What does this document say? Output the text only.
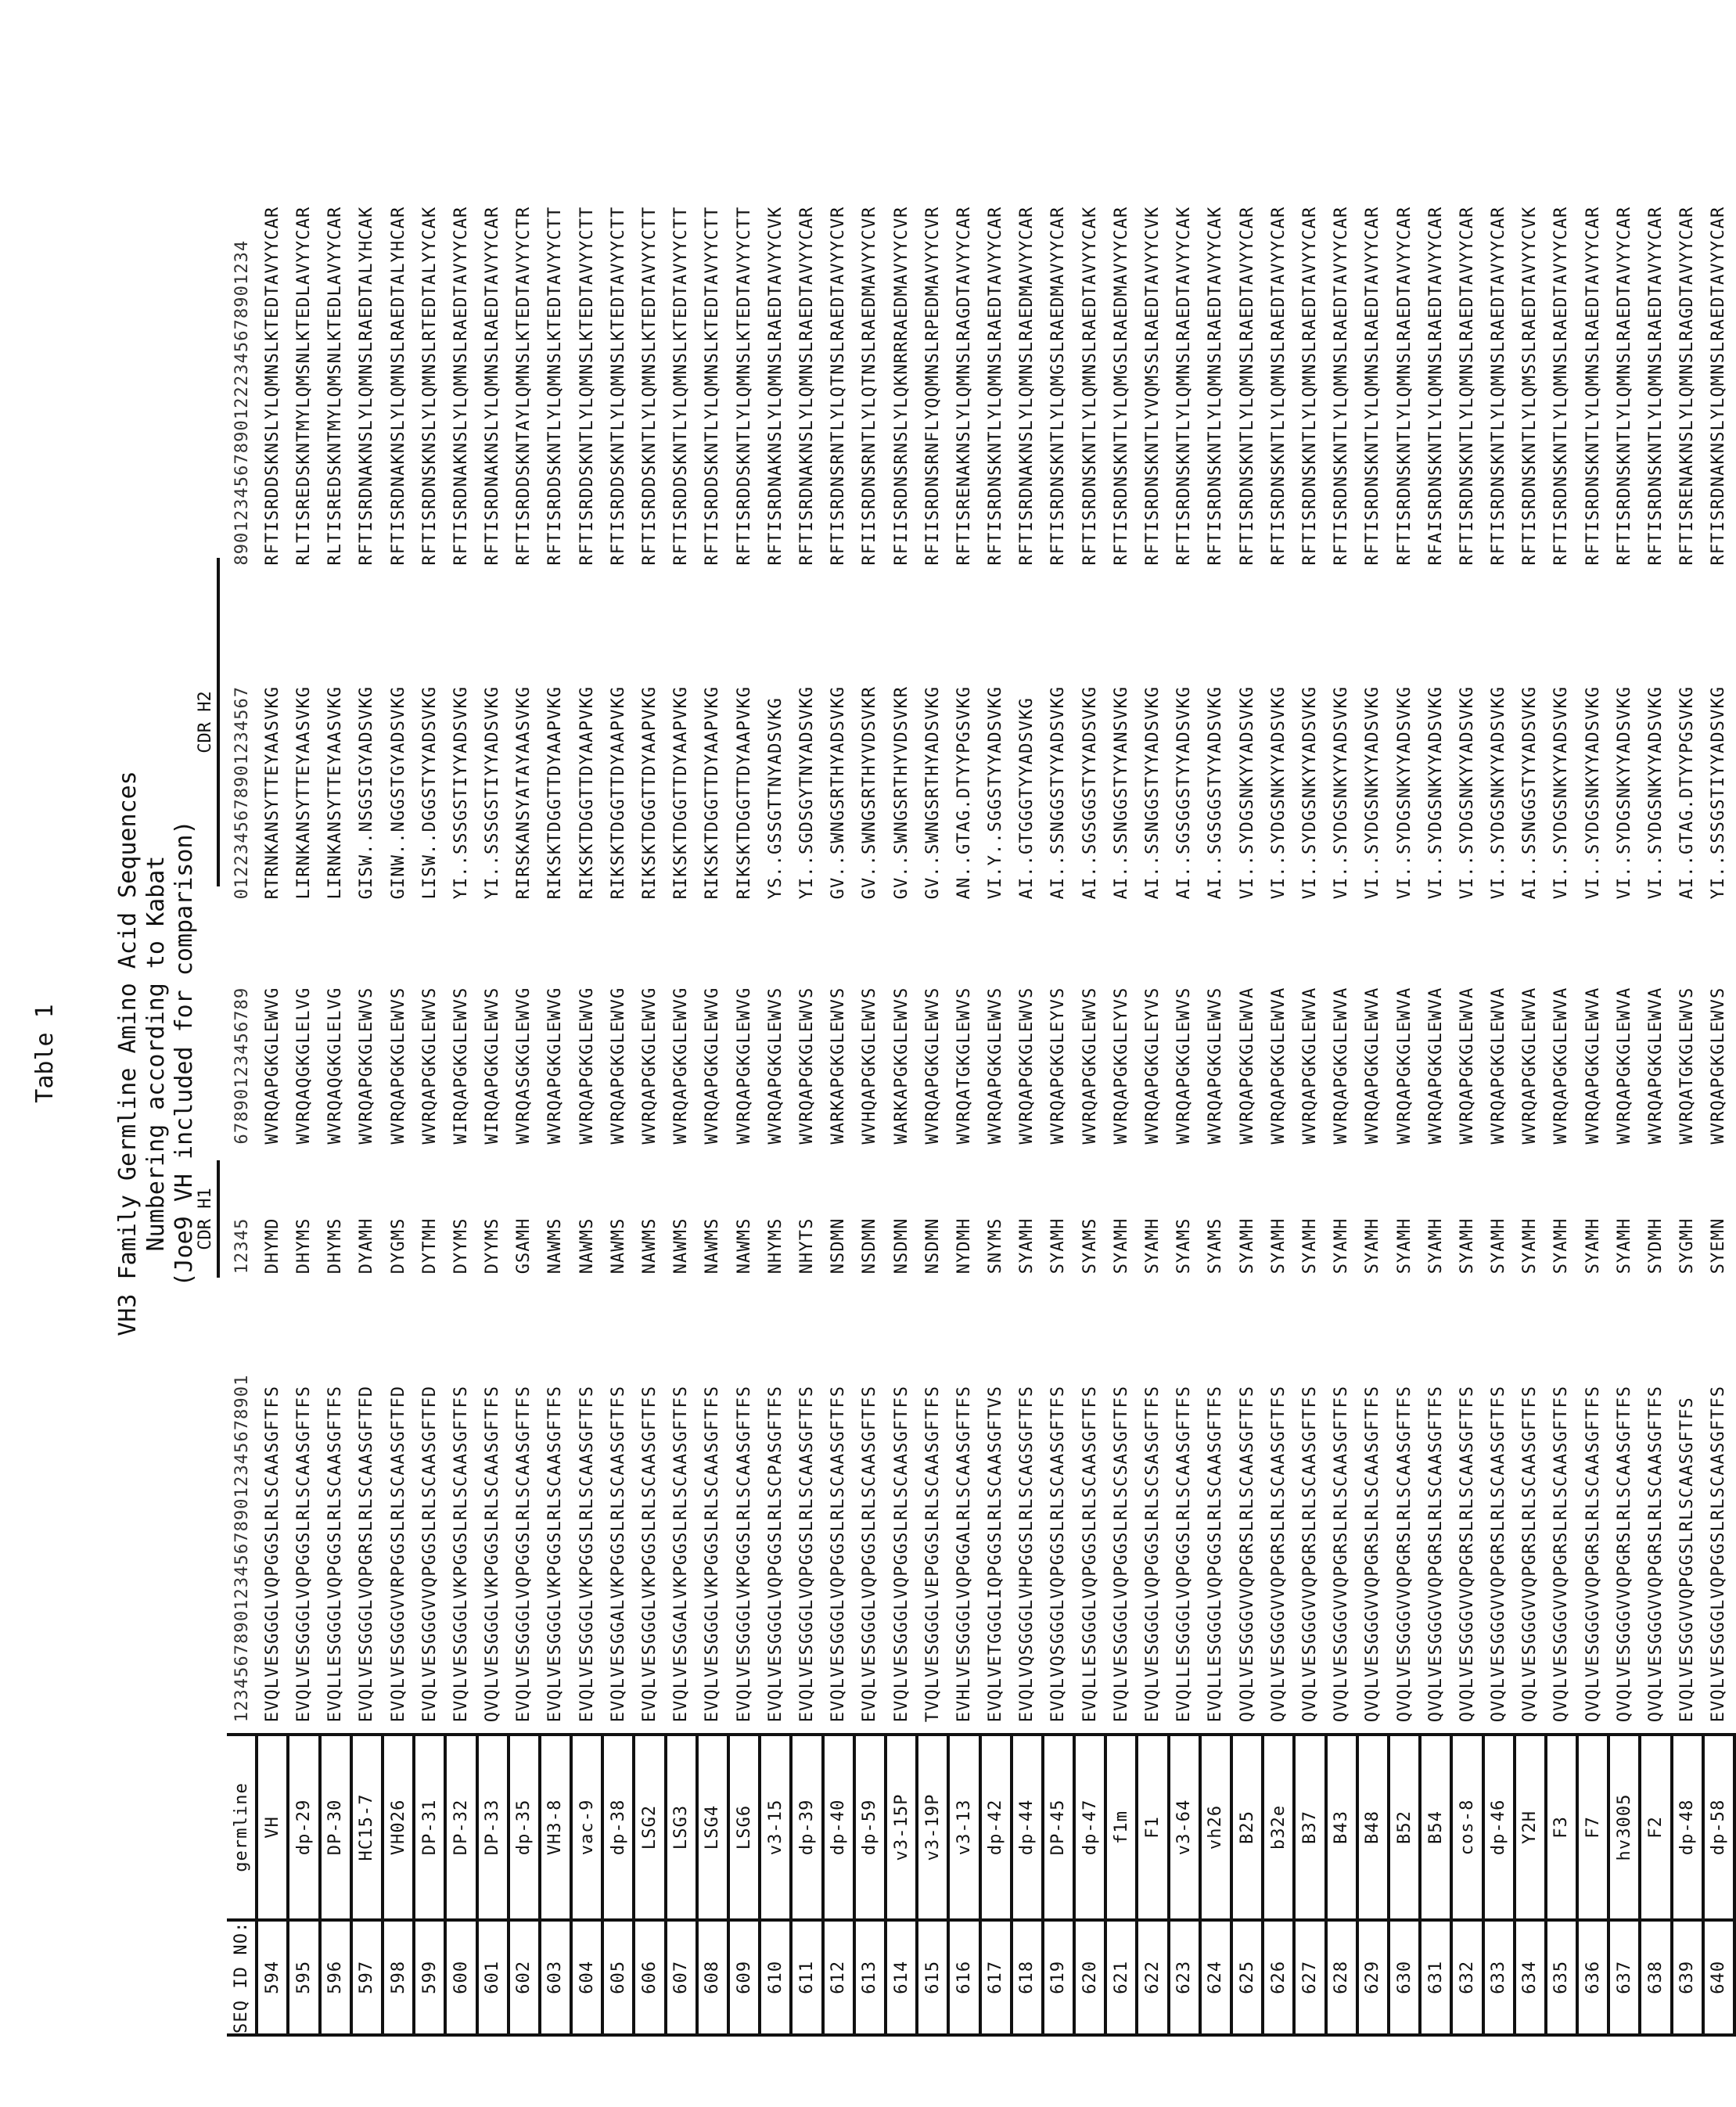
Table 1 VH3 Family Germline Amino Acid Sequences Numbering according to Kabat (Joe9 VH included for comparison)
CDR H1
CDR H2
SEQ ID NO:	germline	1234567890123456789012345678901	12345	67890123456789	0122345678901234567	89012345678901222345678901234
594	VH	EVQLVESGGGLVQPGGSLRLSCAASGFTFS	DHYMD	WVRQAPGKGLEWVG	RTRNKANSYTTEYAASVKG	RFTISRDDSKNSLYLQMNSLKTEDTAVYYCAR
595	dp-29	EVQLVESGGGLVQPGGSLRLSCAASGFTFS	DHYMS	WVRQAQGKGLELVG	LIRNKANSYTTEYAASVKG	RLTISREDSKNTMYLQMSNLKTEDLAVYYCAR
596	DP-30	EVQLLESGGGLVQPGGSLRLSCAASGFTFS	DHYMS	WVRQAQGKGLELVG	LIRNKANSYTTEYAASVKG	RLTISREDSKNTMYLQMSNLKTEDLAVYYCAR
597	HC15-7	EVQLVESGGGLVQPGRSLRLSCAASGFTFD	DYAMH	WVRQAPGKGLEWVS	GISW..NSGSIGYADSVKG	RFTISRDNAKNSLYLQMNSLRAEDTALYHCAK
598	VH026	EVQLVESGGGVVRPGGSLRLSCAASGFTFD	DYGMS	WVRQAPGKGLEWVS	GINW..NGGSTGYADSVKG	RFTISRDNAKNSLYLQMNSLRAEDTALYHCAR
599	DP-31	EVQLVESGGGVVQPGGSLRLSCAASGFTFD	DYTMH	WVRQAPGKGLEWVS	LISW..DGGSTYYADSVKG	RFTISRDNSKNSLYLQMNSLRTEDTALYYCAK
600	DP-32	EVQLVESGGGLVKPGGSLRLSCAASGFTFS	DYYMS	WIRQAPGKGLEWVS	YI..SSSGSTIYYADSVKG	RFTISRDNAKNSLYLQMNSLRAEDTAVYYCAR
601	DP-33	QVQLVESGGGLVKPGGSLRLSCAASGFTFS	DYYMS	WIRQAPGKGLEWVS	YI..SSSGSTIYYADSVKG	RFTISRDNAKNSLYLQMNSLRAEDTAVYYCAR
602	dp-35	EVQLVESGGGLVQPGGSLRLSCAASGFTFS	GSAMH	WVRQASGKGLEWVG	RIRSKANSYATAYAASVKG	RFTISRDDSKNTAYLQMNSLKTEDTAVYYCTR
603	VH3-8	EVQLVESGGGLVKPGGSLRLSCAASGFTFS	NAWMS	WVRQAPGKGLEWVG	RIKSKTDGGTTDYAAPVKG	RFTISRDDSKNTLYLQMNSLKTEDTAVYYCTT
604	vac-9	EVQLVESGGGLVKPGGSLRLSCAASGFTFS	NAWMS	WVRQAPGKGLEWVG	RIKSKTDGGTTDYAAPVKG	RFTISRDDSKNTLYLQMNSLKTEDTAVYYCTT
605	dp-38	EVQLVESGGALVKPGGSLRLSCAASGFTFS	NAWMS	WVRQAPGKGLEWVG	RIKSKTDGGTTDYAAPVKG	RFTISRDDSKNTLYLQMNSLKTEDTAVYYCTT
606	LSG2	EVQLVESGGGLVKPGGSLRLSCAASGFTFS	NAWMS	WVRQAPGKGLEWVG	RIKSKTDGGTTDYAAPVKG	RFTISRDDSKNTLYLQMNSLKTEDTAVYYCTT
607	LSG3	EVQLVESGGALVKPGGSLRLSCAASGFTFS	NAWMS	WVRQAPGKGLEWVG	RIKSKTDGGTTDYAAPVKG	RFTISRDDSKNTLYLQMNSLKTEDTAVYYCTT
608	LSG4	EVQLVESGGGLVKPGGSLRLSCAASGFTFS	NAWMS	WVRQAPGKGLEWVG	RIKSKTDGGTTDYAAPVKG	RFTISRDDSKNTLYLQMNSLKTEDTAVYYCTT
609	LSG6	EVQLVESGGGLVKPGGSLRLSCAASGFTFS	NAWMS	WVRQAPGKGLEWVG	RIKSKTDGGTTDYAAPVKG	RFTISRDDSKNTLYLQMNSLKTEDTAVYYCTT
610	v3-15	EVQLVESGGGLVQPGGSLRLSCPASGFTFS	NHYMS	WVRQAPGKGLEWVS	YS..GSSGTTNYADSVKG	RFTISRDNAKNSLYLQMNSLRAEDTAVYYCVK
611	dp-39	EVQLVESGGGLVQPGGSLRLSCAASGFTFS	NHYTS	WVRQAPGKGLEWVS	YI..SGDSGYTNYADSVKG	RFTISRDNAKNSLYLQMNSLRAEDTAVYYCAR
612	dp-40	EVQLVESGGGLVQPGGSLRLSCAASGFTFS	NSDMN	WARKAPGKGLEWVS	GV..SWNGSRTHYADSVKG	RFTISRDNSRNTLYLQTNSLRAEDTAVYYCVR
613	dp-59	EVQLVESGGGLVQPGGSLRLSCAASGFTFS	NSDMN	WVHQAPGKGLEWVS	GV..SWNGSRTHYVDSVKR	RFIISRDNSRNTLYLQTNSLRAEDMAVYYCVR
614	v3-15P	EVQLVESGGGLVQPGGSLRLSCAASGFTFS	NSDMN	WARKAPGKGLEWVS	GV..SWNGSRTHYVDSVKR	RFIISRDNSRNSLYLQKNRRRAEDMAVYYCVR
615	v3-19P	TVQLVESGGGLVEPGGSLRLSCAASGFTFS	NSDMN	WVRQAPGKGLEWVS	GV..SWNGSRTHYADSVKG	RFIISRDNSRNFLYQQMNSLRPEDMAVYYCVR
616	v3-13	EVHLVESGGGLVQPGGALRLSCAASGFTFS	NYDMH	WVRQATGKGLEWVS	AN..GTAG.DTYYPGSVKG	RFTISRENAKNSLYLQMNSLRAGDTAVYYCAR
617	dp-42	EVQLVETGGGLIQPGGSLRLSCAASGFTVS	SNYMS	WVRQAPGKGLEWVS	VI.Y..SGGSTYYADSVKG	RFTISRDNSKNTLYLQMNSLRAEDTAVYYCAR
618	dp-44	EVQLVQSGGGLVHPGGSLRLSCAGSGFTFS	SYAMH	WVRQAPGKGLEWVS	AI..GTGGGTYYADSVKG	RFTISRDNAKNSLYLQMNSLRAEDMAVYYCAR
619	DP-45	EVQLVQSGGGLVQPGGSLRLSCAASGFTFS	SYAMH	WVRQAPGKGLEYVS	AI..SSNGGSTYYADSVKG	RFTISRDNSKNTLYLQMGSLRAEDMAVYYCAR
620	dp-47	EVQLLESGGGLVQPGGSLRLSCAASGFTFS	SYAMS	WVRQAPGKGLEWVS	AI..SGSGGSTYYADSVKG	RFTISRDNSKNTLYLQMNSLRAEDTAVYYCAK
621	f1m	EVQLVESGGGLVQPGGSLRLSCSASGFTFS	SYAMH	WVRQAPGKGLEYVS	AI..SSNGGSTYYANSVKG	RFTISRDNSKNTLYLQMGSLRAEDMAVYYCAR
622	F1	EVQLVESGGGLVQPGGSLRLSCSASGFTFS	SYAMH	WVRQAPGKGLEYVS	AI..SSNGGSTYYADSVKG	RFTISRDNSKNTLYVQMSSLRAEDTAVYYCVK
623	v3-64	EVQLLESGGGLVQPGGSLRLSCAASGFTFS	SYAMS	WVRQAPGKGLEWVS	AI..SGSGGSTYYADSVKG	RFTISRDNSKNTLYLQMNSLRAEDTAVYYCAK
624	vh26	EVQLLESGGGLVQPGGSLRLSCAASGFTFS	SYAMS	WVRQAPGKGLEWVS	AI..SGSGGSTYYADSVKG	RFTISRDNSKNTLYLQMNSLRAEDTAVYYCAK
625	B25	QVQLVESGGGVVQPGRSLRLSCAASGFTFS	SYAMH	WVRQAPGKGLEWVA	VI..SYDGSNKYYADSVKG	RFTISRDNSKNTLYLQMNSLRAEDTAVYYCAR
626	b32e	QVQLVESGGGVVQPGRSLRLSCAASGFTFS	SYAMH	WVRQAPGKGLEWVA	VI..SYDGSNKYYADSVKG	RFTISRDNSKNTLYLQMNSLRAEDTAVYYCAR
627	B37	QVQLVESGGGVVQPGRSLRLSCAASGFTFS	SYAMH	WVRQAPGKGLEWVA	VI..SYDGSNKYYADSVKG	RFTISRDNSKNTLYLQMNSLRAEDTAVYYCAR
628	B43	QVQLVESGGGVVQPGRSLRLSCAASGFTFS	SYAMH	WVRQAPGKGLEWVA	VI..SYDGSNKYYADSVKG	RFTISRDNSKNTLYLQMNSLRAEDTAVYYCAR
629	B48	QVQLVESGGGVVQPGRSLRLSCAASGFTFS	SYAMH	WVRQAPGKGLEWVA	VI..SYDGSNKYYADSVKG	RFTISRDNSKNTLYLQMNSLRAEDTAVYYCAR
630	B52	QVQLVESGGGVVQPGRSLRLSCAASGFTFS	SYAMH	WVRQAPGKGLEWVA	VI..SYDGSNKYYADSVKG	RFTISRDNSKNTLYLQMNSLRAEDTAVYYCAR
631	B54	QVQLVESGGGVVQPGRSLRLSCAASGFTFS	SYAMH	WVRQAPGKGLEWVA	VI..SYDGSNKYYADSVKG	RFAISRDNSKNTLYLQMNSLRAEDTAVYYCAR
632	cos-8	QVQLVESGGGVVQPGRSLRLSCAASGFTFS	SYAMH	WVRQAPGKGLEWVA	VI..SYDGSNKYYADSVKG	RFTISRDNSKNTLYLQMNSLRAEDTAVYYCAR
633	dp-46	QVQLVESGGGVVQPGRSLRLSCAASGFTFS	SYAMH	WVRQAPGKGLEWVA	VI..SYDGSNKYYADSVKG	RFTISRDNSKNTLYLQMNSLRAEDTAVYYCAR
634	Y2H	QVQLVESGGGVVQPGRSLRLSCAASGFTFS	SYAMH	WVRQAPGKGLEWVA	AI..SSNGGSTYYADSVKG	RFTISRDNSKNTLYLQMSSLRAEDTAVYYCVK
635	F3	QVQLVESGGGVVQPGRSLRLSCAASGFTFS	SYAMH	WVRQAPGKGLEWVA	VI..SYDGSNKYYADSVKG	RFTISRDNSKNTLYLQMNSLRAEDTAVYYCAR
636	F7	QVQLVESGGGVVQPGRSLRLSCAASGFTFS	SYAMH	WVRQAPGKGLEWVA	VI..SYDGSNKYYADSVKG	RFTISRDNSKNTLYLQMNSLRAEDTAVYYCAR
637	hv3005	QVQLVESGGGVVQPGRSLRLSCAASGFTFS	SYAMH	WVRQAPGKGLEWVA	VI..SYDGSNKYYADSVKG	RFTISRDNSKNTLYLQMNSLRAEDTAVYYCAR
638	F2	QVQLVESGGGVVQPGRSLRLSCAASGFTFS	SYDMH	WVRQAPGKGLEWVA	VI..SYDGSNKYYADSVKG	RFTISRDNSKNTLYLQMNSLRAEDTAVYYCAR
639	dp-48	EVQLVESGGVVQPGGSLRLSCAASGFTFS	SYGMH	WVRQATGKGLEWVS	AI..GTAG.DTYYPGSVKG	RFTISRENAKNSLYLQMNSLRAGDTAVYYCAR
640	dp-58	EVQLVESGGGLVQPGGSLRLSCAASGFTFS	SYEMN	WVRQAPGKGLEWVS	YI..SSSGSTIYYADSVKG	RFTISRDNAKNSLYLQMNSLRAEDTAVYYCAR
